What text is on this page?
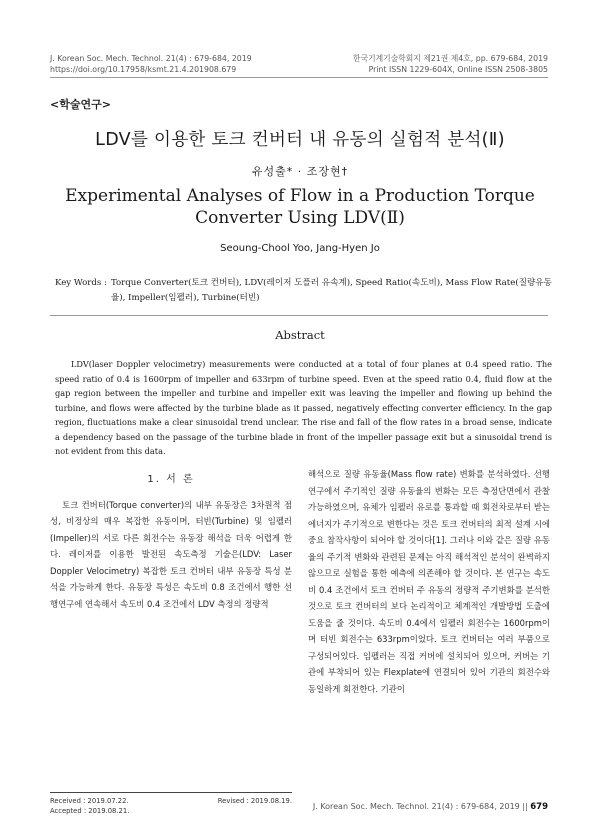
J. Korean Soc. Mech. Technol. 21(4) : 679-684, 2019
https://doi.org/10.17958/ksmt.21.4.201908.679
한국기계기술학회지 제21권 제4호, pp. 679-684, 2019
Print ISSN 1229-604X, Online ISSN 2508-3805
<학술연구>
LDV를 이용한 토크 컨버터 내 유동의 실험적 분석(Ⅱ)
유성출* · 조장현†
Experimental Analyses of Flow in a Production Torque Converter Using LDV(Ⅱ)
Seoung-Chool Yoo, Jang-Hyen Jo
Key Words : Torque Converter(토크 컨버터), LDV(레이저 도플러 유속계), Speed Ratio(속도비), Mass Flow Rate(질량유동율), Impeller(임펠러), Turbine(터빈)
Abstract

LDV(laser Doppler velocimetry) measurements were conducted at a total of four planes at 0.4 speed ratio. The speed ratio of 0.4 is 1600rpm of impeller and 633rpm of turbine speed. Even at the speed ratio 0.4, fluid flow at the gap region between the impeller and turbine and impeller exit was leaving the impeller and flowing up behind the turbine, and flows were affected by the turbine blade as it passed, negatively effecting converter efficiency. In the gap region, fluctuations make a clear sinusoidal trend unclear. The rise and fall of the flow rates in a broad sense, indicate a dependency based on the passage of the turbine blade in front of the impeller passage exit but a sinusoidal trend is not evident from this data.

1. 서 론

토크 컨버터(Torque converter)의 내부 유동장은 3차원적 점성, 비정상의 매우 복잡한 유동이며, 터빈(Turbine) 및 임펠러(Impeller)의 서로 다른 회전수는 유동장 해석을 더욱 어렵게 한다. 레이저를 이용한 발전된 속도측정 기술은(LDV: Laser Doppler Velocimetry) 복잡한 토크 컨버터 내부 유동장 특성 분석을 가능하게 한다. 유동장 특성은 속도비 0.8 조건에서 행한 선행연구에 연속해서 속도비 0.4 조건에서 LDV 측정의 정량적

해석으로 질량 유동율(Mass flow rate) 변화를 분석하였다. 선행연구에서 주기적인 질량 유동율의 변화는 모든 측정단면에서 관찰 가능하였으며, 유체가 임펠러 유로를 통과할 때 회전차로부터 받는 에너지가 주기적으로 변한다는 것은 토크 컨버터의 최적 설계 시에 중요 참작사항이 되어야 할 것이다[1]. 그러나 이와 같은 질량 유동율의 주기적 변화와 관련된 문제는 아직 해석적인 분석이 완벽하지 않으므로 실험을 통한 예측에 의존해야 할 것이다. 본 연구는 속도비 0.4 조건에서 토크 컨버터 주 유동의 정량적 주기변화를 분석한 것으로 토크 컨버터의 보다 논리적이고 체계적인 개발방법 도출에 도움을 줄 것이다. 속도비 0.4에서 임펠러 회전수는 1600rpm이며 터빈 회전수는 633rpm이었다. 토크 컨버터는 여러 부품으로 구성되어있다. 임펠러는 직접 커버에 설치되어 있으며, 커버는 기관에 부착되어 있는 Flexplate에 연결되어 있어 기관의 회전수와 동일하게 회전한다. 기관이

Received : 2019.07.22.	Revised : 2019.08.19.
Accepted : 2019.08.21.	J. Korean Soc. Mech. Technol. 21(4) : 679-684, 2019 || 679
